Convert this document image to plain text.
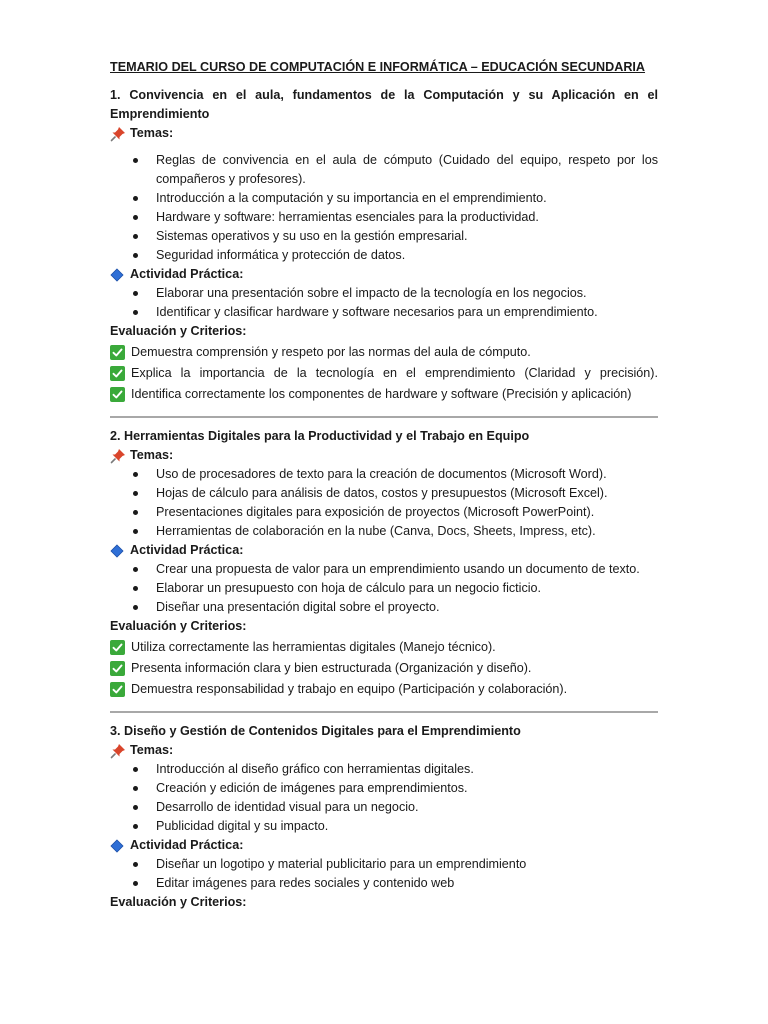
TEMARIO DEL CURSO DE COMPUTACIÓN E INFORMÁTICA – EDUCACIÓN SECUNDARIA
1. Convivencia en el aula, fundamentos de la Computación y su Aplicación en el Emprendimiento
Temas:
Reglas de convivencia en el aula de cómputo (Cuidado del equipo, respeto por los compañeros y profesores).
Introducción a la computación y su importancia en el emprendimiento.
Hardware y software: herramientas esenciales para la productividad.
Sistemas operativos y su uso en la gestión empresarial.
Seguridad informática y protección de datos.
Actividad Práctica:
Elaborar una presentación sobre el impacto de la tecnología en los negocios.
Identificar y clasificar hardware y software necesarios para un emprendimiento.
Evaluación y Criterios:
Demuestra comprensión y respeto por las normas del aula de cómputo.
Explica la importancia de la tecnología en el emprendimiento (Claridad y precisión).
Identifica correctamente los componentes de hardware y software (Precisión y aplicación)
2. Herramientas Digitales para la Productividad y el Trabajo en Equipo
Temas:
Uso de procesadores de texto para la creación de documentos (Microsoft Word).
Hojas de cálculo para análisis de datos, costos y presupuestos (Microsoft Excel).
Presentaciones digitales para exposición de proyectos (Microsoft PowerPoint).
Herramientas de colaboración en la nube (Canva, Docs, Sheets, Impress, etc).
Actividad Práctica:
Crear una propuesta de valor para un emprendimiento usando un documento de texto.
Elaborar un presupuesto con hoja de cálculo para un negocio ficticio.
Diseñar una presentación digital sobre el proyecto.
Evaluación y Criterios:
Utiliza correctamente las herramientas digitales (Manejo técnico).
Presenta información clara y bien estructurada (Organización y diseño).
Demuestra responsabilidad y trabajo en equipo (Participación y colaboración).
3. Diseño y Gestión de Contenidos Digitales para el Emprendimiento
Temas:
Introducción al diseño gráfico con herramientas digitales.
Creación y edición de imágenes para emprendimientos.
Desarrollo de identidad visual para un negocio.
Publicidad digital y su impacto.
Actividad Práctica:
Diseñar un logotipo y material publicitario para un emprendimiento
Editar imágenes para redes sociales y contenido web
Evaluación y Criterios:
